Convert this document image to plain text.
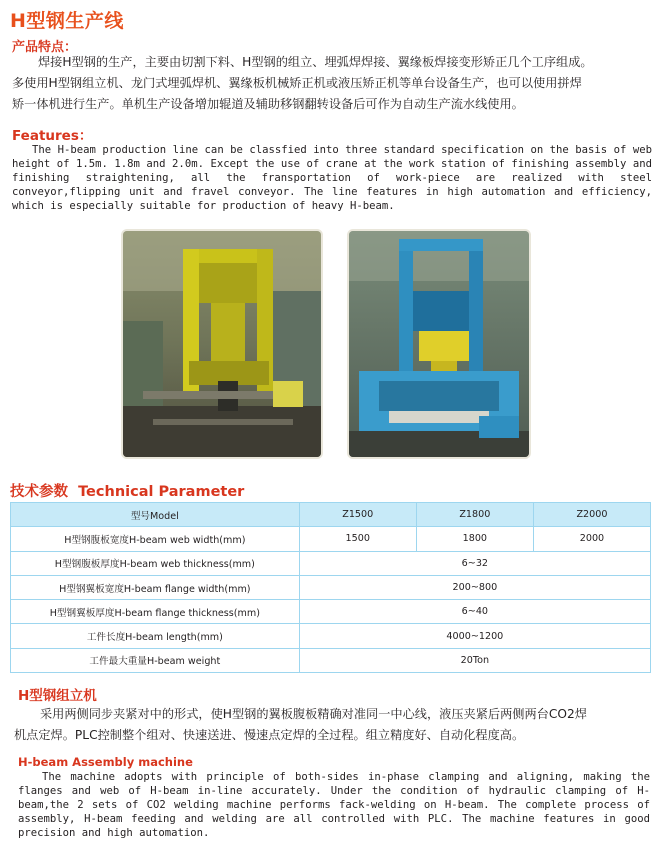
H型钢生产线
产品特点：
焊接H型钢的生产，主要由切割下料、H型钢的组立、埋弧焊焊接、翼缘板焊接变形矫正几个工序组成。
多使用H型钢组立机、龙门式埋弧焊机、翼缘板机械矫正机或液压矫正机等单台设备生产，也可以使用拼焊
矫一体机进行生产。单机生产设备增加辊道及辅助移钢翻转设备后可作为自动生产流水线使用。
Features：
The H-beam production line can be classfied into three standard specification on the basis of web height of 1.5m. 1.8m and 2.0m. Except the use of crane at the work station of finishing assembly and finishing straightening, all the fransportation of work-piece are realized with steel conveyor,flipping unit and fravel conveyor. The line features in high automation and efficiency, which is especially suitable for production of heavy H-beam.
技术参数  Technical Parameter
型号Model	Z1500	Z1800	Z2000
H型钢腹板宽度H-beam web width(mm)	1500	1800	2000
H型钢腹板厚度H-beam web thickness(mm)	6~32		
H型钢翼板宽度H-beam flange width(mm)	200~800		
H型钢翼板厚度H-beam flange thickness(mm)	6~40		
工件长度H-beam length(mm)	4000~1200		
工件最大重量H-beam weight	20Ton		
H型钢组立机
采用两侧同步夹紧对中的形式，使H型钢的翼板腹板精确对准同一中心线，液压夹紧后两侧两台CO2焊
机点定焊。PLC控制整个组对、快速送进、慢速点定焊的全过程。组立精度好、自动化程度高。
H-beam Assembly machine
The machine adopts with principle of both-sides in-phase clamping and aligning, making the flanges and web of H-beam in-line accurately. Under the condition of hydraulic clamping of H-beam,the 2 sets of CO2 welding machine performs fack-welding on H-beam. The complete process of assembly, H-beam feeding and welding are all controlled with PLC. The machine features in good precision and high automation.
